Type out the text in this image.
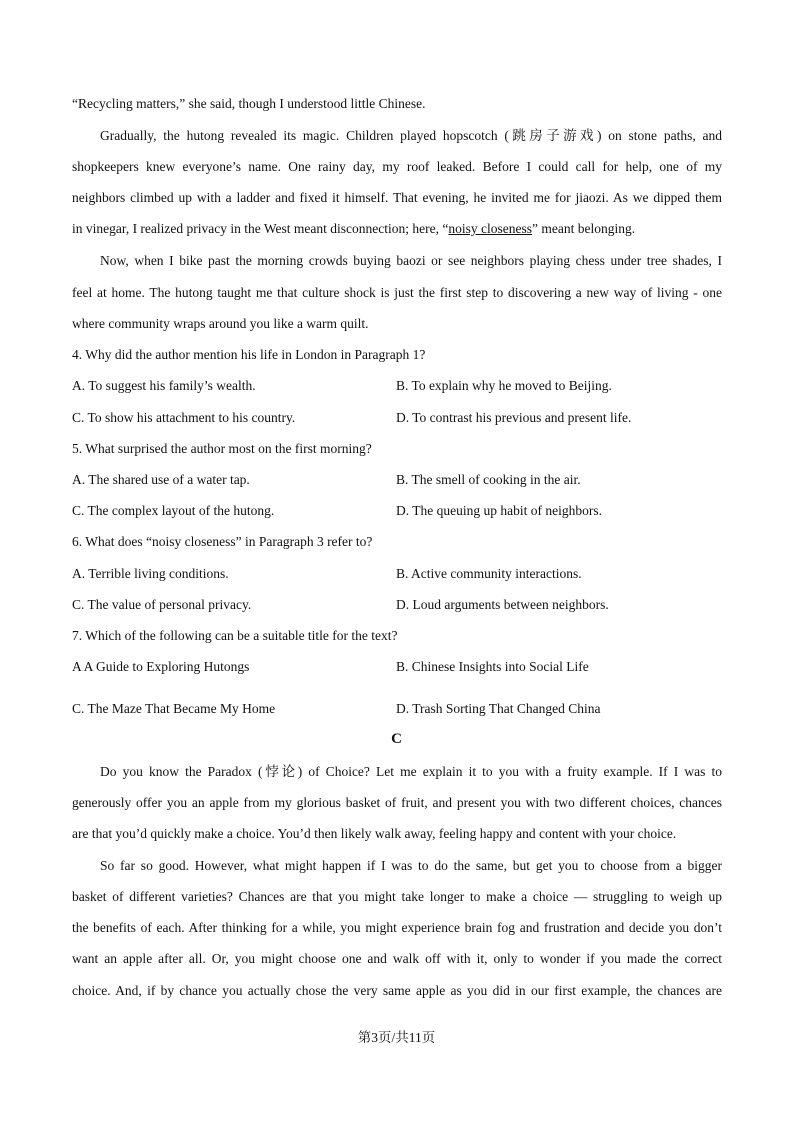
“Recycling matters,” she said, though I understood little Chinese.
Gradually, the hutong revealed its magic. Children played hopscotch (跳房子游戏) on stone paths, and
shopkeepers knew everyone’s name. One rainy day, my roof leaked. Before I could call for help, one of my
neighbors climbed up with a ladder and fixed it himself. That evening, he invited me for jiaozi. As we dipped them
in vinegar, I realized privacy in the West meant disconnection; here, “noisy closeness” meant belonging.
Now, when I bike past the morning crowds buying baozi or see neighbors playing chess under tree shades, I
feel at home. The hutong taught me that culture shock is just the first step to discovering a new way of living - one
where community wraps around you like a warm quilt.
4. Why did the author mention his life in London in Paragraph 1?
A. To suggest his family’s wealth.	B. To explain why he moved to Beijing.
C. To show his attachment to his country.	D. To contrast his previous and present life.
5. What surprised the author most on the first morning?
A. The shared use of a water tap.	B. The smell of cooking in the air.
C. The complex layout of the hutong.	D. The queuing up habit of neighbors.
6. What does “noisy closeness” in Paragraph 3 refer to?
A. Terrible living conditions.	B. Active community interactions.
C. The value of personal privacy.	D. Loud arguments between neighbors.
7. Which of the following can be a suitable title for the text?
A A Guide to Exploring Hutongs	B. Chinese Insights into Social Life
C. The Maze That Became My Home	D. Trash Sorting That Changed China
C
Do you know the Paradox (悖论) of Choice? Let me explain it to you with a fruity example. If I was to
generously offer you an apple from my glorious basket of fruit, and present you with two different choices, chances
are that you’d quickly make a choice. You’d then likely walk away, feeling happy and content with your choice.
So far so good. However, what might happen if I was to do the same, but get you to choose from a bigger
basket of different varieties? Chances are that you might take longer to make a choice — struggling to weigh up
the benefits of each. After thinking for a while, you might experience brain fog and frustration and decide you don’t
want an apple after all. Or, you might choose one and walk off with it, only to wonder if you made the correct
choice. And, if by chance you actually chose the very same apple as you did in our first example, the chances are
第3页/共11页
